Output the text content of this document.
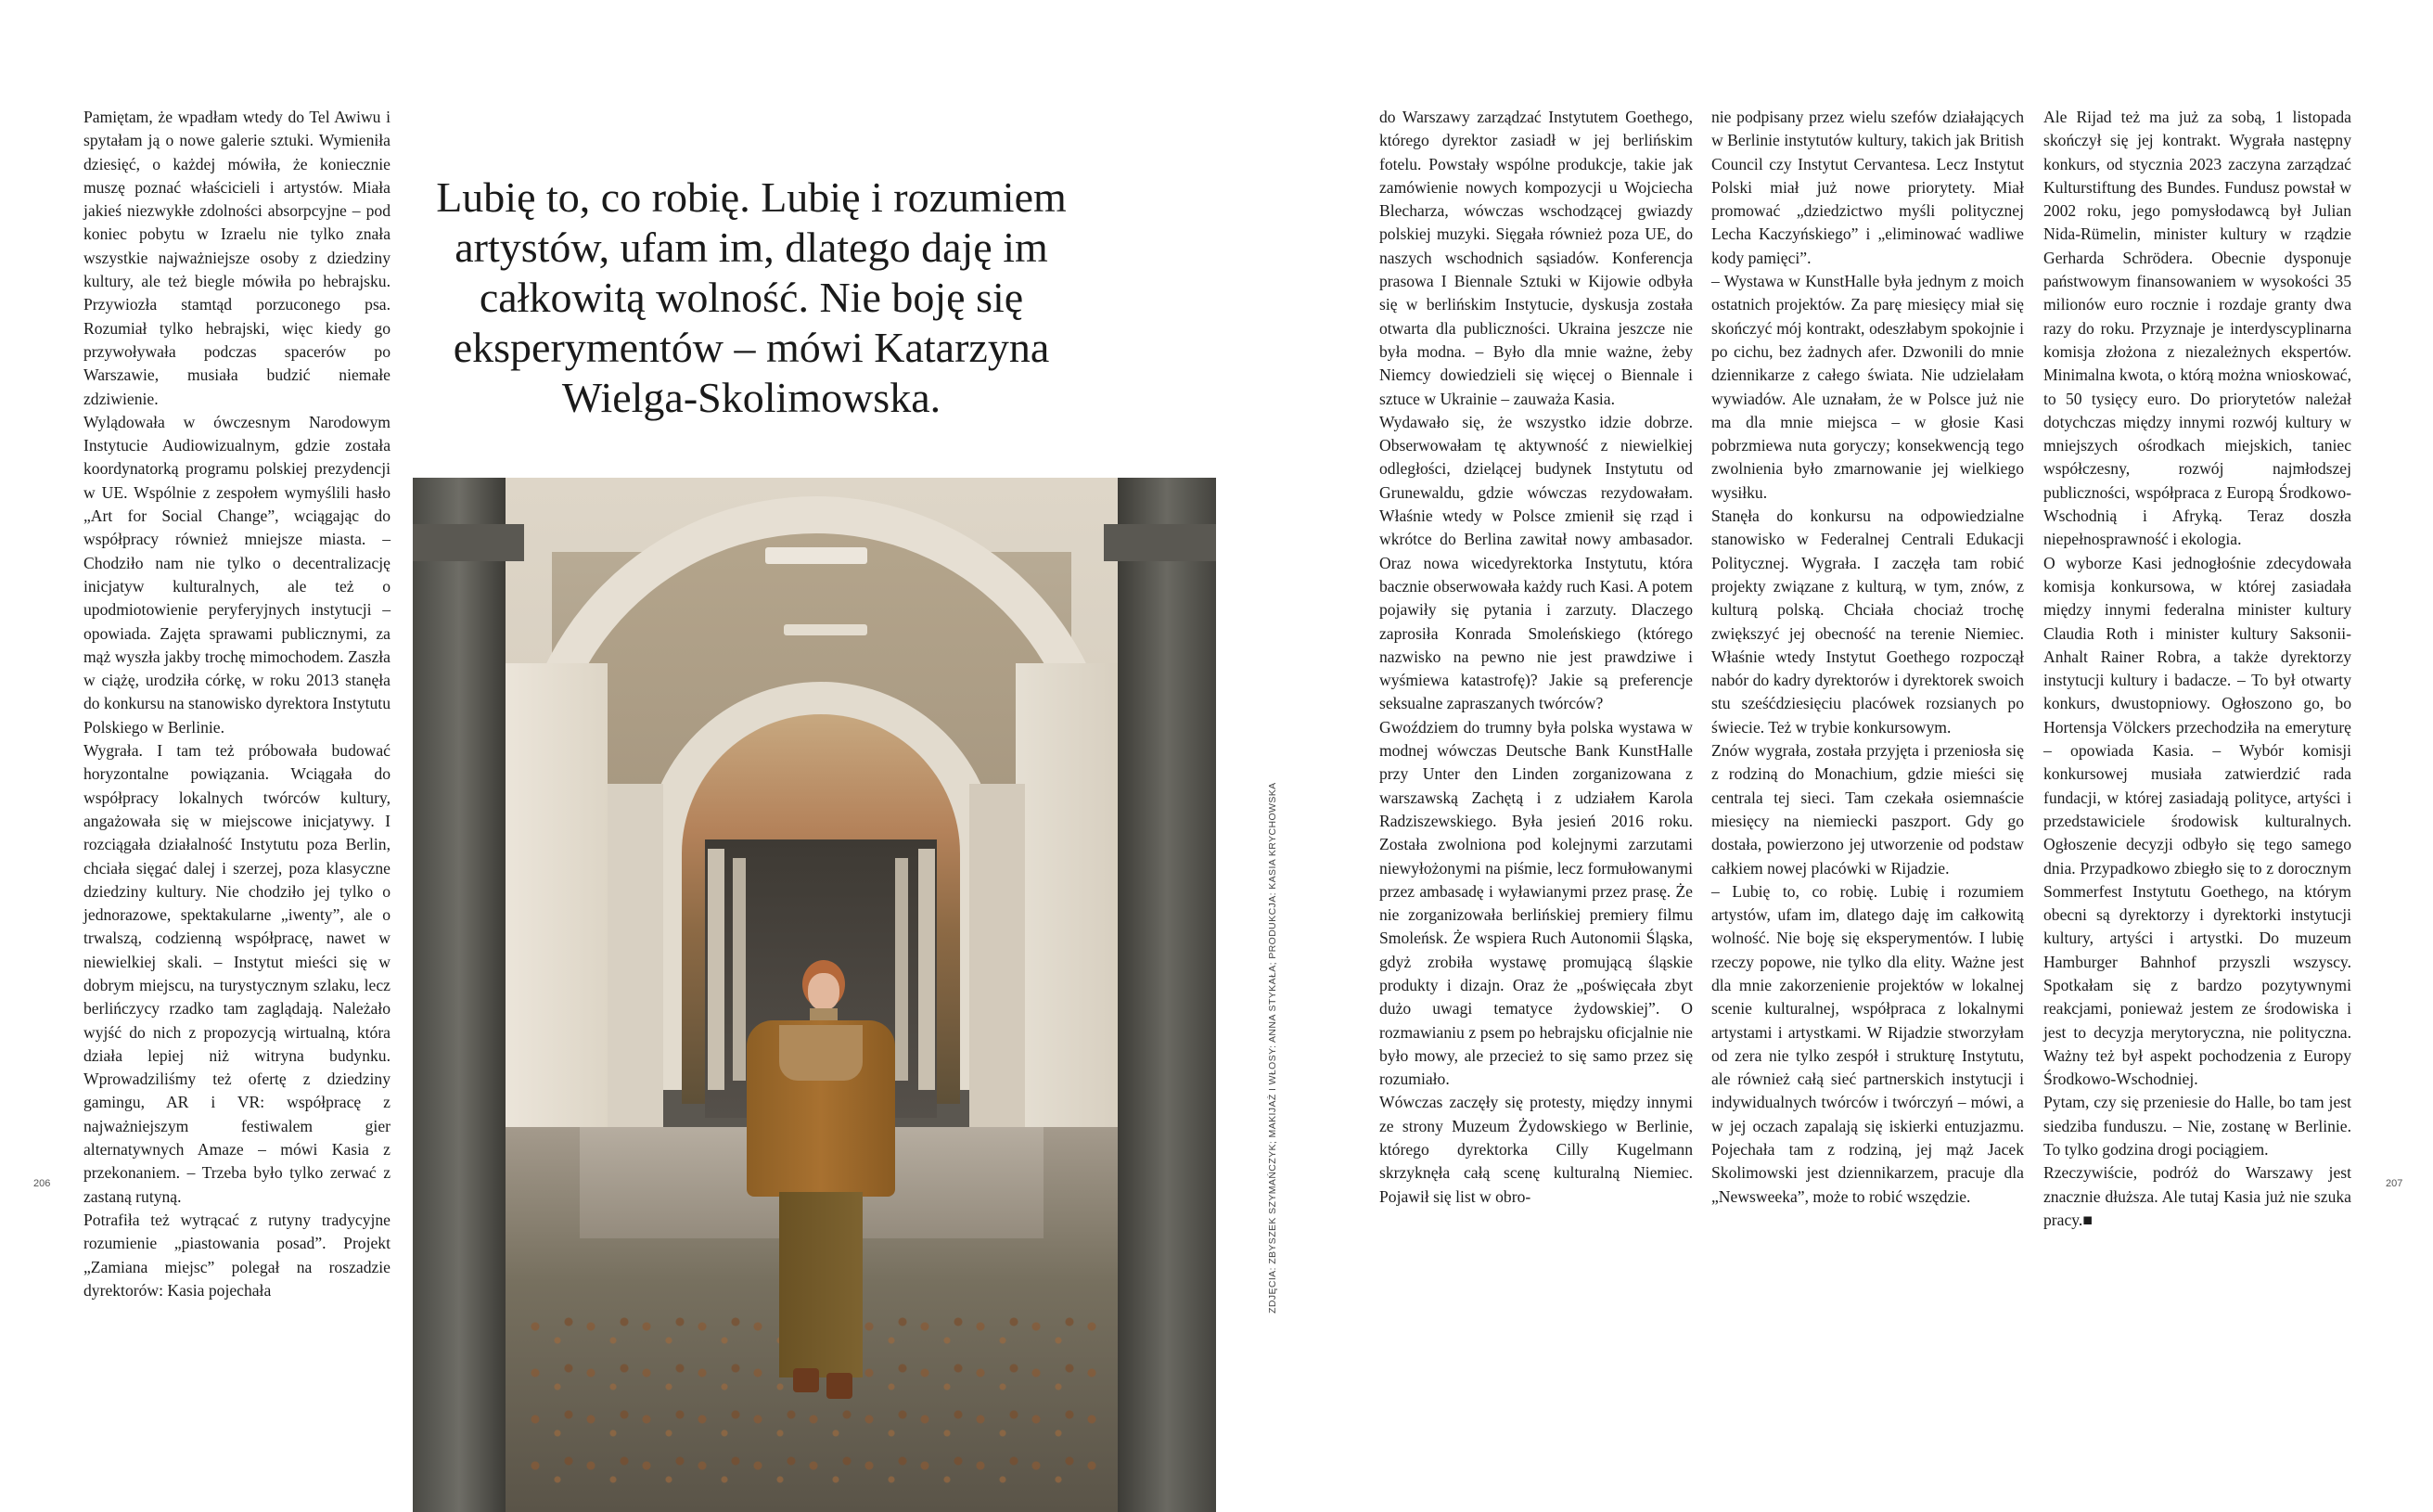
Pamiętam, że wpadłam wtedy do Tel Awiwu i spytałam ją o nowe galerie sztuki. Wymieniła dziesięć, o każdej mówiła, że koniecznie muszę poznać właścicieli i artystów. Miała jakieś niezwykłe zdolności absorpcyjne – pod koniec pobytu w Izraelu nie tylko znała wszystkie najważniejsze osoby z dziedziny kultury, ale też biegle mówiła po hebrajsku. Przywiozła stamtąd porzuconego psa. Rozumiał tylko hebrajski, więc kiedy go przywoływała podczas spacerów po Warszawie, musiała budzić niemałe zdziwienie.

Wylądowała w ówczesnym Narodowym Instytucie Audiowizualnym, gdzie została koordynatorką programu polskiej prezydencji w UE. Wspólnie z zespołem wymyślili hasło „Art for Social Change”, wciągając do współpracy również mniejsze miasta. – Chodziło nam nie tylko o decentralizację inicjatyw kulturalnych, ale też o upodmiotowienie peryferyjnych instytucji – opowiada. Zajęta sprawami publicznymi, za mąż wyszła jakby trochę mimochodem. Zaszła w ciążę, urodziła córkę, w roku 2013 stanęła do konkursu na stanowisko dyrektora Instytutu Polskiego w Berlinie.

Wygrała. I tam też próbowała budować horyzontalne powiązania. Wciągała do współpracy lokalnych twórców kultury, angażowała się w miejscowe inicjatywy. I rozciągała działalność Instytutu poza Berlin, chciała sięgać dalej i szerzej, poza klasyczne dziedziny kultury. Nie chodziło jej tylko o jednorazowe, spektakularne „iwenty”, ale o trwalszą, codzienną współpracę, nawet w niewielkiej skali. – Instytut mieści się w dobrym miejscu, na turystycznym szlaku, lecz berlińczycy rzadko tam zaglądają. Należało wyjść do nich z propozycją wirtualną, która działa lepiej niż witryna budynku. Wprowadziliśmy też ofertę z dziedziny gamingu, AR i VR: współpracę z najważniejszym festiwalem gier alternatywnych Amaze – mówi Kasia z przekonaniem. – Trzeba było tylko zerwać z zastaną rutyną.

Potrafiła też wytrącać z rutyny tradycyjne rozumienie „piastowania posad”. Projekt „Zamiana miejsc” polegał na roszadzie dyrektorów: Kasia pojechała

Lubię to, co robię. Lubię i rozumiem artystów, ufam im, dlatego daję im całkowitą wolność. Nie boję się eksperymentów – mówi Katarzyna Wielga-Skolimowska.
ZDJĘCIA: ZBYSZEK SZYMAŃCZYK; MAKIJAŻ I WŁOSY: ANNA STYKAŁA; PRODUKCJA: KASIA KRYCHOWSKA

do Warszawy zarządzać Instytutem Goethego, którego dyrektor zasiadł w jej berlińskim fotelu. Powstały wspólne produkcje, takie jak zamówienie nowych kompozycji u Wojciecha Blecharza, wówczas wschodzącej gwiazdy polskiej muzyki. Sięgała również poza UE, do naszych wschodnich sąsiadów. Konferencja prasowa I Biennale Sztuki w Kijowie odbyła się w berlińskim Instytucie, dyskusja została otwarta dla publiczności. Ukraina jeszcze nie była modna. – Było dla mnie ważne, żeby Niemcy dowiedzieli się więcej o Biennale i sztuce w Ukrainie – zauważa Kasia.

Wydawało się, że wszystko idzie dobrze. Obserwowałam tę aktywność z niewielkiej odległości, dzielącej budynek Instytutu od Grunewaldu, gdzie wówczas rezydowałam. Właśnie wtedy w Polsce zmienił się rząd i wkrótce do Berlina zawitał nowy ambasador. Oraz nowa wicedyrektorka Instytutu, która bacznie obserwowała każdy ruch Kasi. A potem pojawiły się pytania i zarzuty. Dlaczego zaprosiła Konrada Smoleńskiego (którego nazwisko na pewno nie jest prawdziwe i wyśmiewa katastrofę)? Jakie są preferencje seksualne zapraszanych twórców?

Gwoździem do trumny była polska wystawa w modnej wówczas Deutsche Bank KunstHalle przy Unter den Linden zorganizowana z warszawską Zachętą i z udziałem Karola Radziszewskiego. Była jesień 2016 roku. Została zwolniona pod kolejnymi zarzutami niewyłożonymi na piśmie, lecz formułowanymi przez ambasadę i wyławianymi przez prasę. Że nie zorganizowała berlińskiej premiery filmu Smoleńsk. Że wspiera Ruch Autonomii Śląska, gdyż zrobiła wystawę promującą śląskie produkty i dizajn. Oraz że „poświęcała zbyt dużo uwagi tematyce żydowskiej”. O rozmawianiu z psem po hebrajsku oficjalnie nie było mowy, ale przecież to się samo przez się rozumiało.

Wówczas zaczęły się protesty, między innymi ze strony Muzeum Żydowskiego w Berlinie, którego dyrektorka Cilly Kugelmann skrzyknęła całą scenę kulturalną Niemiec. Pojawił się list w obro-

nie podpisany przez wielu szefów działających w Berlinie instytutów kultury, takich jak British Council czy Instytut Cervantesa. Lecz Instytut Polski miał już nowe priorytety. Miał promować „dziedzictwo myśli politycznej Lecha Kaczyńskiego” i „eliminować wadliwe kody pamięci”.

– Wystawa w KunstHalle była jednym z moich ostatnich projektów. Za parę miesięcy miał się skończyć mój kontrakt, odeszłabym spokojnie i po cichu, bez żadnych afer. Dzwonili do mnie dziennikarze z całego świata. Nie udzielałam wywiadów. Ale uznałam, że w Polsce już nie ma dla mnie miejsca – w głosie Kasi pobrzmiewa nuta goryczy; konsekwencją tego zwolnienia było zmarnowanie jej wielkiego wysiłku.

Stanęła do konkursu na odpowiedzialne stanowisko w Federalnej Centrali Edukacji Politycznej. Wygrała. I zaczęła tam robić projekty związane z kulturą, w tym, znów, z kulturą polską. Chciała chociaż trochę zwiększyć jej obecność na terenie Niemiec. Właśnie wtedy Instytut Goethego rozpoczął nabór do kadry dyrektorów i dyrektorek swoich stu sześćdziesięciu placówek rozsianych po świecie. Też w trybie konkursowym.

Znów wygrała, została przyjęta i przeniosła się z rodziną do Monachium, gdzie mieści się centrala tej sieci. Tam czekała osiemnaście miesięcy na niemiecki paszport. Gdy go dostała, powierzono jej utworzenie od podstaw całkiem nowej placówki w Rijadzie.

– Lubię to, co robię. Lubię i rozumiem artystów, ufam im, dlatego daję im całkowitą wolność. Nie boję się eksperymentów. I lubię rzeczy popowe, nie tylko dla elity. Ważne jest dla mnie zakorzenienie projektów w lokalnej scenie kulturalnej, współpraca z lokalnymi artystami i artystkami. W Rijadzie stworzyłam od zera nie tylko zespół i strukturę Instytutu, ale również całą sieć partnerskich instytucji i indywidualnych twórców i twórczyń – mówi, a w jej oczach zapalają się iskierki entuzjazmu. Pojechała tam z rodziną, jej mąż Jacek Skolimowski jest dziennikarzem, pracuje dla „Newsweeka”, może to robić wszędzie.

Ale Rijad też ma już za sobą, 1 listopada skończył się jej kontrakt. Wygrała następny konkurs, od stycznia 2023 zaczyna zarządzać Kulturstiftung des Bundes. Fundusz powstał w 2002 roku, jego pomysłodawcą był Julian Nida-Rümelin, minister kultury w rządzie Gerharda Schrödera. Obecnie dysponuje państwowym finansowaniem w wysokości 35 milionów euro rocznie i rozdaje granty dwa razy do roku. Przyznaje je interdyscyplinarna komisja złożona z niezależnych ekspertów. Minimalna kwota, o którą można wnioskować, to 50 tysięcy euro. Do priorytetów należał dotychczas między innymi rozwój kultury w mniejszych ośrodkach miejskich, taniec współczesny, rozwój najmłodszej publiczności, współpraca z Europą Środkowo-Wschodnią i Afryką. Teraz doszła niepełnosprawność i ekologia.

O wyborze Kasi jednogłośnie zdecydowała komisja konkursowa, w której zasiadała między innymi federalna minister kultury Claudia Roth i minister kultury Saksonii-Anhalt Rainer Robra, a także dyrektorzy instytucji kultury i badacze. – To był otwarty konkurs, dwustopniowy. Ogłoszono go, bo Hortensja Völckers przechodziła na emeryturę – opowiada Kasia. – Wybór komisji konkursowej musiała zatwierdzić rada fundacji, w której zasiadają polityce, artyści i przedstawiciele środowisk kulturalnych. Ogłoszenie decyzji odbyło się tego samego dnia. Przypadkowo zbiegło się to z dorocznym Sommerfest Instytutu Goethego, na którym obecni są dyrektorzy i dyrektorki instytucji kultury, artyści i artystki. Do muzeum Hamburger Bahnhof przyszli wszyscy. Spotkałam się z bardzo pozytywnymi reakcjami, ponieważ jestem ze środowiska i jest to decyzja merytoryczna, nie polityczna. Ważny też był aspekt pochodzenia z Europy Środkowo-Wschodniej.

Pytam, czy się przeniesie do Halle, bo tam jest siedziba funduszu. – Nie, zostanę w Berlinie. To tylko godzina drogi pociągiem.

Rzeczywiście, podróż do Warszawy jest znacznie dłuższa. Ale tutaj Kasia już nie szuka pracy.■

206	207
